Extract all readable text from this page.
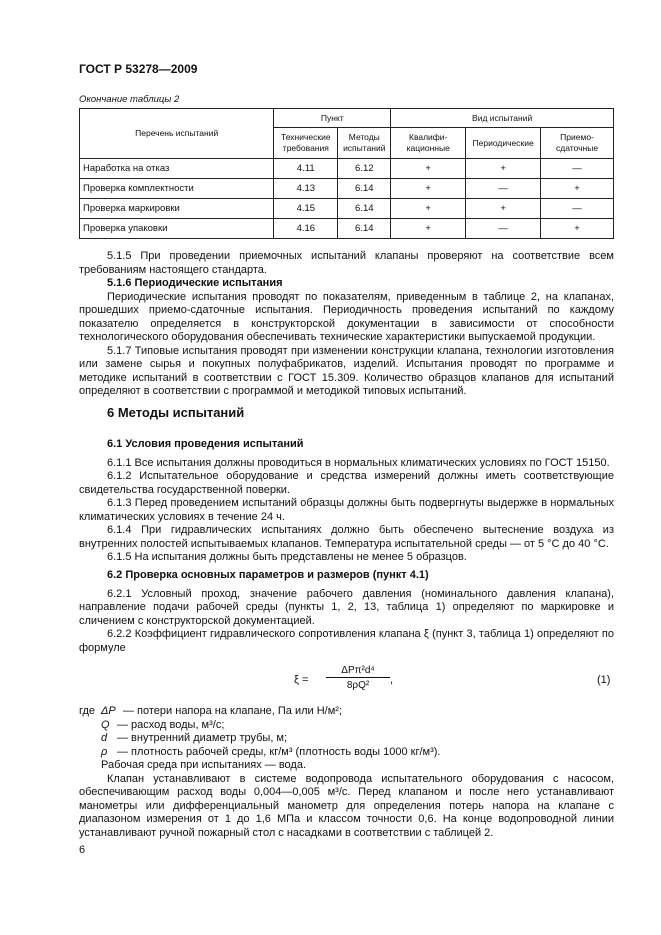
ГОСТ Р 53278—2009
Окончание таблицы 2
Перечень испытаний	Пункт		Вид испытаний		
	Технические требования	Методы испытаний	Квалифи-кационные	Периодические	Приемо-сдаточные
Наработка на отказ	4.11	6.12	+	+	—
Проверка комплектности	4.13	6.14	+	—	+
Проверка маркировки	4.15	6.14	+	+	—
Проверка упаковки	4.16	6.14	+	—	+

5.1.5 При проведении приемочных испытаний клапаны проверяют на соответствие всем требованиям настоящего стандарта.

5.1.6 Периодические испытания

Периодические испытания проводят по показателям, приведенным в таблице 2, на клапанах, прошедших приемо-сдаточные испытания. Периодичность проведения испытаний по каждому показателю определяется в конструкторской документации в зависимости от способности технологического оборудования обеспечивать технические характеристики выпускаемой продукции.

5.1.7 Типовые испытания проводят при изменении конструкции клапана, технологии изготовления или замене сырья и покупных полуфабрикатов, изделий. Испытания проводят по программе и методике испытаний в соответствии с ГОСТ 15.309. Количество образцов клапанов для испытаний определяют в соответствии с программой и методикой типовых испытаний.

6 Методы испытаний

6.1 Условия проведения испытаний

6.1.1 Все испытания должны проводиться в нормальных климатических условиях по ГОСТ 15150.

6.1.2 Испытательное оборудование и средства измерений должны иметь соответствующие свидетельства государственной поверки.

6.1.3 Перед проведением испытаний образцы должны быть подвергнуты выдержке в нормальных климатических условиях в течение 24 ч.

6.1.4 При гидравлических испытаниях должно быть обеспечено вытеснение воздуха из внутренних полостей испытываемых клапанов. Температура испытательной среды — от 5 °С до 40 °С.

6.1.5 На испытания должны быть представлены не менее 5 образцов.

6.2 Проверка основных параметров и размеров (пункт 4.1)

6.2.1 Условный проход, значение рабочего давления (номинального давления клапана), направление подачи рабочей среды (пункты 1, 2, 13, таблица 1) определяют по маркировке и сличением с конструкторской документацией.

6.2.2 Коэффициент гидравлического сопротивления клапана ξ (пункт 3, таблица 1) определяют по формуле

ξ =
ΔPπ²d⁴
8ρQ²	,	(1)
где ΔP — потери напора на клапане, Па или Н/м²;
Q — расход воды, м³/с;
d — внутренний диаметр трубы, м;
ρ — плотность рабочей среды, кг/м³ (плотность воды 1000 кг/м³).
Рабочая среда при испытаниях — вода.

Клапан устанавливают в системе водопровода испытательного оборудования с насосом, обеспечивающим расход воды 0,004—0,005 м³/с. Перед клапаном и после него устанавливают манометры или дифференциальный манометр для определения потерь напора на клапане с диапазоном измерения от 1 до 1,6 МПа и классом точности 0,6. На конце водопроводной линии устанавливают ручной пожарный стол с насадками в соответствии с таблицей 2.

6
